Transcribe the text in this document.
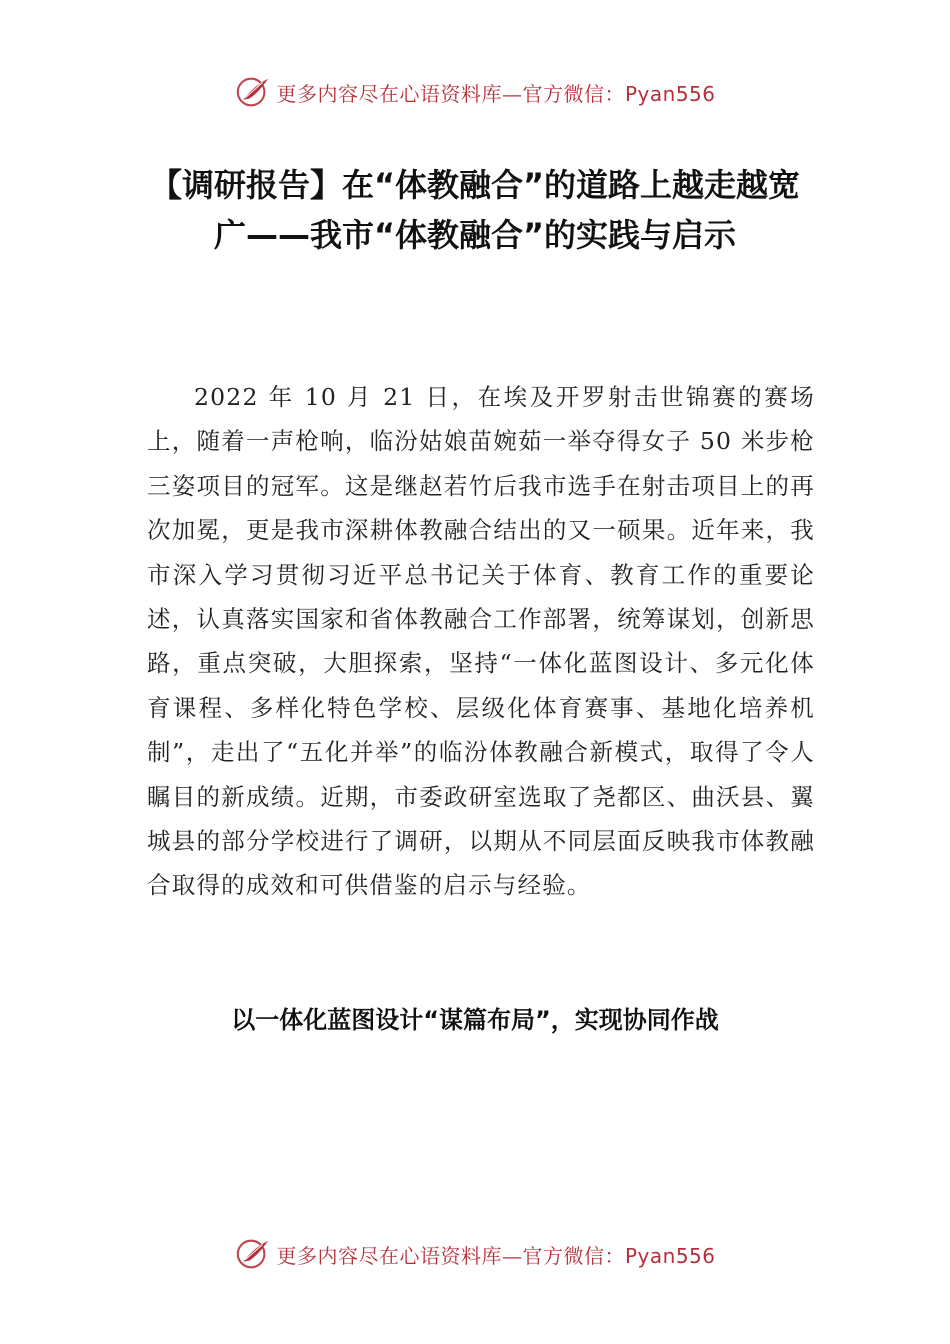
更多内容尽在心语资料库—官方微信：Pyan556
【调研报告】在“体教融合”的道路上越走越宽广——我市“体教融合”的实践与启示

2022 年 10 月 21 日，在埃及开罗射击世锦赛的赛场上，随着一声枪响，临汾姑娘苗婉茹一举夺得女子 50 米步枪三姿项目的冠军。这是继赵若竹后我市选手在射击项目上的再次加冕，更是我市深耕体教融合结出的又一硕果。近年来，我市深入学习贯彻习近平总书记关于体育、教育工作的重要论述，认真落实国家和省体教融合工作部署，统筹谋划，创新思路，重点突破，大胆探索，坚持“一体化蓝图设计、多元化体育课程、多样化特色学校、层级化体育赛事、基地化培养机制”，走出了“五化并举”的临汾体教融合新模式，取得了令人瞩目的新成绩。近期，市委政研室选取了尧都区、曲沃县、翼城县的部分学校进行了调研，以期从不同层面反映我市体教融合取得的成效和可供借鉴的启示与经验。

以一体化蓝图设计“谋篇布局”，实现协同作战
更多内容尽在心语资料库—官方微信：Pyan556
